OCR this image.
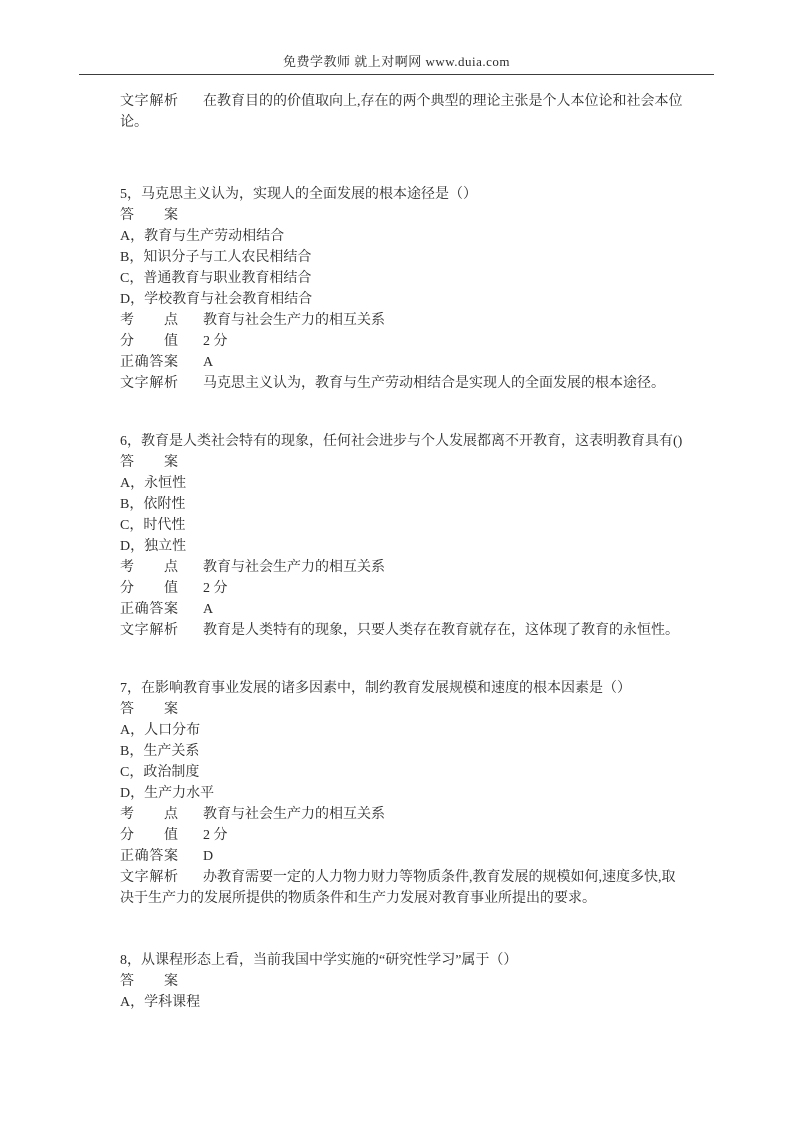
免费学教师 就上对啊网 www.duia.com

文字解析 在教育目的的价值取向上,存在的两个典型的理论主张是个人本位论和社会本位论。

5，马克思主义认为，实现人的全面发展的根本途径是（）

答案

A，教育与生产劳动相结合

B，知识分子与工人农民相结合

C，普通教育与职业教育相结合

D，学校教育与社会教育相结合

考点 教育与社会生产力的相互关系

分值 2 分

正确答案 A

文字解析 马克思主义认为，教育与生产劳动相结合是实现人的全面发展的根本途径。

6，教育是人类社会特有的现象，任何社会进步与个人发展都离不开教育，这表明教育具有()

答案

A，永恒性

B，依附性

C，时代性

D，独立性

考点 教育与社会生产力的相互关系

分值 2 分

正确答案 A

文字解析 教育是人类特有的现象，只要人类存在教育就存在，这体现了教育的永恒性。

7，在影响教育事业发展的诸多因素中，制约教育发展规模和速度的根本因素是（）

答案

A，人口分布

B，生产关系

C，政治制度

D，生产力水平

考点 教育与社会生产力的相互关系

分值 2 分

正确答案 D

文字解析 办教育需要一定的人力物力财力等物质条件,教育发展的规模如何,速度多快,取决于生产力的发展所提供的物质条件和生产力发展对教育事业所提出的要求。

8，从课程形态上看，当前我国中学实施的“研究性学习”属于（）

答案

A，学科课程
